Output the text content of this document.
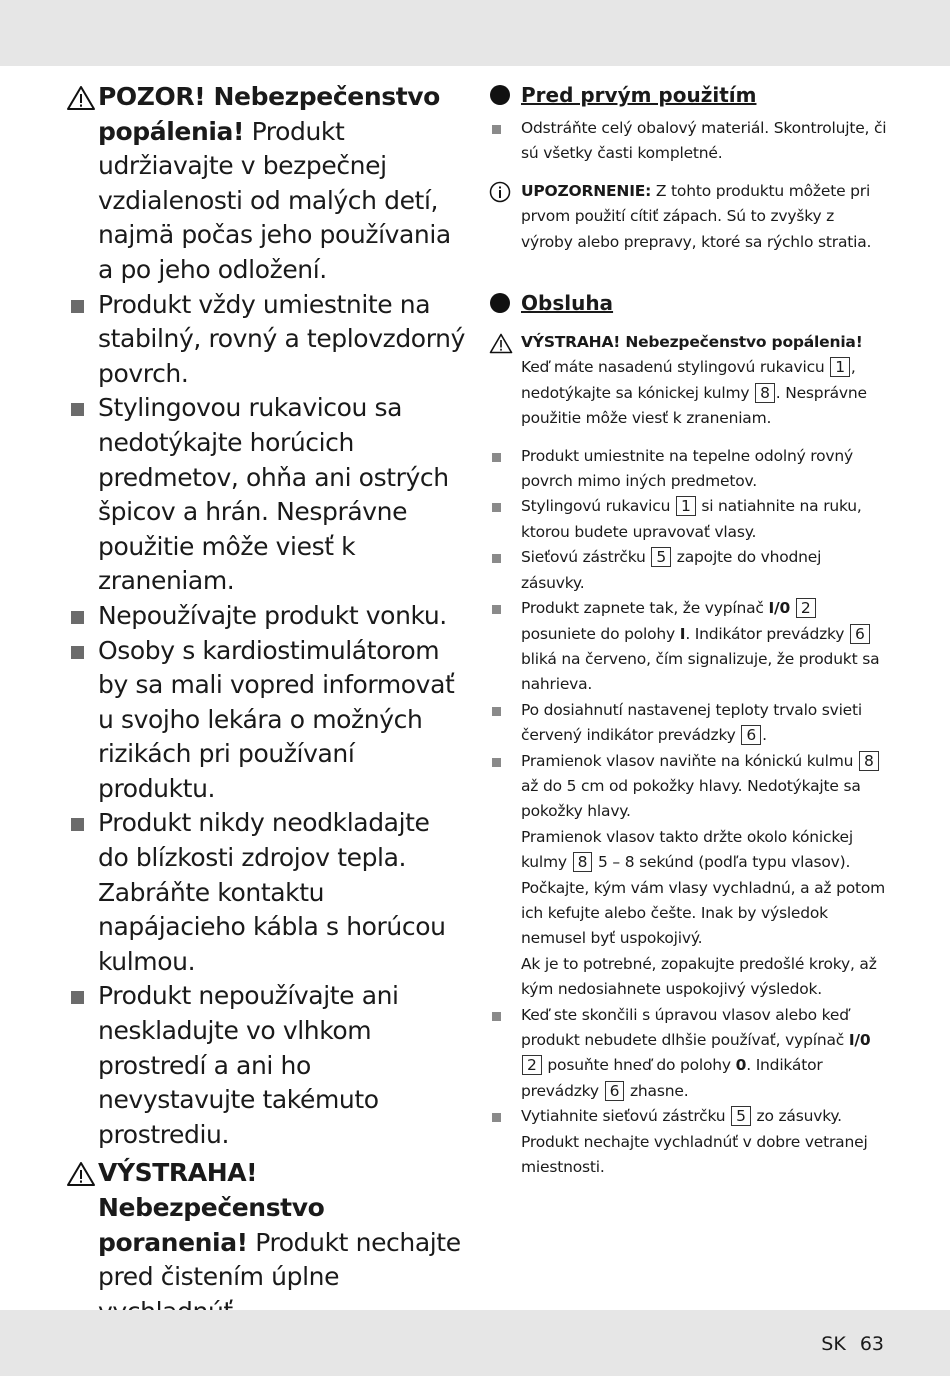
POZOR! Nebezpečenstvo popálenia! Produkt udržiavajte v bezpečnej vzdialenosti od malých detí, najmä počas jeho používania a po jeho odložení.
Produkt vždy umiestnite na stabilný, rovný a teplovzdorný povrch.
Stylingovou rukavicou sa nedotýkajte horúcich predmetov, ohňa ani ostrých špicov a hrán. Nesprávne použitie môže viesť k zraneniam.
Nepoužívajte produkt vonku.
Osoby s kardiostimulátorom by sa mali vopred informovať u svojho lekára o možných rizikách pri používaní produktu.
Produkt nikdy neodkladajte do blízkosti zdrojov tepla. Zabráňte kontaktu napájacieho kábla s horúcou kulmou.
Produkt nepoužívajte ani neskladujte vo vlhkom prostredí a ani ho nevystavujte takémuto prostrediu.
VÝSTRAHA! Nebezpečenstvo poranenia! Produkt nechajte pred čistením úplne
Pred prvým použitím
Odstráňte celý obalový materiál. Skontrolujte, či sú všetky časti kompletné.
UPOZORNENIE: Z tohto produktu môžete pri prvom použití cítiť zápach. Sú to zvyšky z výroby alebo prepravy, ktoré sa rýchlo stratia.
Obsluha
VÝSTRAHA! Nebezpečenstvo popálenia! Keď máte nasadenú stylingovú rukavicu 1 , nedotýkajte sa kónickej kulmy 8 . Nesprávne použitie môže viesť k zraneniam.
Produkt umiestnite na tepelne odolný rovný povrch mimo iných predmetov.
Stylingovú rukavicu 1 si natiahnite na ruku, ktorou budete upravovať vlasy.
Sieťovú zástrčku 5 zapojte do vhodnej zásuvky.
Produkt zapnete tak, že vypínač I/0 2 posuniete do polohy I. Indikátor prevádzky 6 bliká na červeno, čím signalizuje, že produkt sa nahrieva.
Po dosiahnutí nastavenej teploty trvalo svieti červený indikátor prevádzky 6 .
Pramienok vlasov naviňte na kónickú kulmu 8 až do 5 cm od pokožky hlavy. Nedotýkajte sa pokožky hlavy.
Pramienok vlasov takto držte okolo kónickej kulmy 8 5 – 8 sekúnd (podľa typu vlasov). Počkajte, kým vám vlasy vychladnú, a až potom ich kefujte alebo češte. Inak by výsledok nemusel byť uspokojivý.
Ak je to potrebné, zopakujte predošlé kroky, až kým nedosiahnete uspokojivý výsledok.
Keď ste skončili s úpravou vlasov alebo keď produkt nebudete dlhšie používať, vypínač I/0 2 posuňte hneď do polohy 0. Indikátor prevádzky 6 zhasne.
Vytiahnite sieťovú zástrčku 5 zo zásuvky. Produkt nechajte vychladnúť v dobre vetranej miestnosti.
SK 63
